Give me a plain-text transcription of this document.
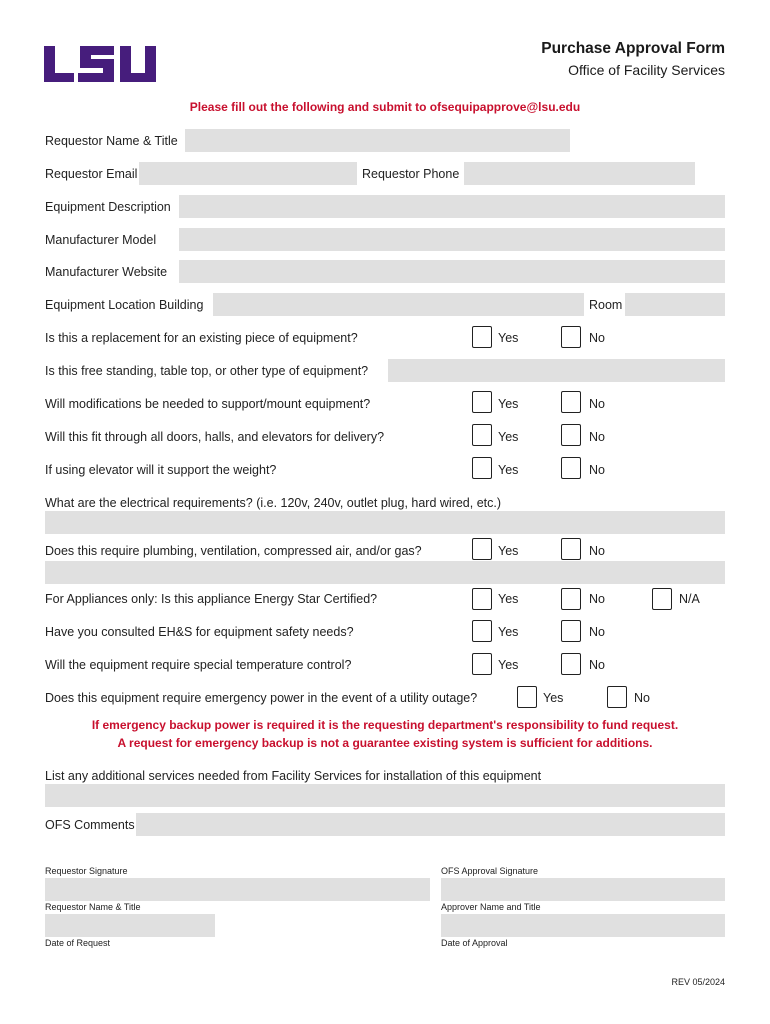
Purchase Approval Form
Office of Facility Services
Please fill out the following and submit to ofsequipapprove@lsu.edu
Requestor Name & Title
Requestor Email	Requestor Phone
Equipment Description
Manufacturer Model
Manufacturer Website
Equipment Location Building	Room
Is this a replacement for an existing piece of equipment?	Yes	No
Is this free standing, table top, or other type of equipment?
Will modifications be needed to support/mount equipment?	Yes	No
Will this fit through all doors, halls, and elevators for delivery?	Yes	No
If using elevator will it support the weight?	Yes	No
What are the electrical requirements? (i.e. 120v, 240v, outlet plug, hard wired, etc.)
Does this require plumbing, ventilation, compressed air, and/or gas?	Yes	No
For Appliances only: Is this appliance Energy Star Certified?	Yes	No	N/A
Have you consulted EH&S for equipment safety needs?	Yes	No
Will the equipment require special temperature control?	Yes	No
Does this equipment require emergency power in the event of a utility outage?	Yes	No
If emergency backup power is required it is the requesting department's responsibility to fund request.
A request for emergency backup is not a guarantee existing system is sufficient for additions.
List any additional services needed from Facility Services for installation of this equipment
OFS Comments
Requestor Signature	OFS Approval Signature
Requestor Name & Title	Approver Name and Title
Date of Request	Date of Approval
REV 05/2024
